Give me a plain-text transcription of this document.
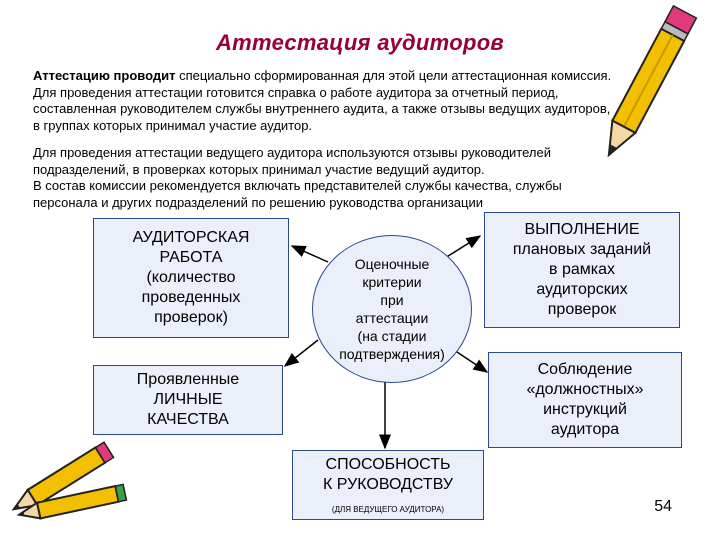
Аттестация аудиторов
Аттестацию проводит специально сформированная для этой цели аттестационная комиссия. Для проведения аттестации готовится справка о работе аудитора за отчетный период, составленная руководителем службы внутреннего аудита, а также отзывы ведущих аудиторов, в группах которых принимал участие аудитор.
Для проведения аттестации ведущего аудитора используются отзывы руководителей подразделений, в проверках которых принимал участие ведущий аудитор.
В состав комиссии рекомендуется включать представителей службы качества, службы персонала и других подразделений по решению руководства организации
Оценочные
критерии
при
аттестации
(на стадии
подтверждения)
АУДИТОРСКАЯ
РАБОТА
(количество
проведенных
проверок)
Проявленные
ЛИЧНЫЕ
КАЧЕСТВА
ВЫПОЛНЕНИЕ
плановых заданий
в рамках
аудиторских
проверок
Соблюдение
«должностных»
инструкций
аудитора
СПОСОБНОСТЬ
К РУКОВОДСТВУ
(ДЛЯ ВЕДУЩЕГО АУДИТОРА)	54
